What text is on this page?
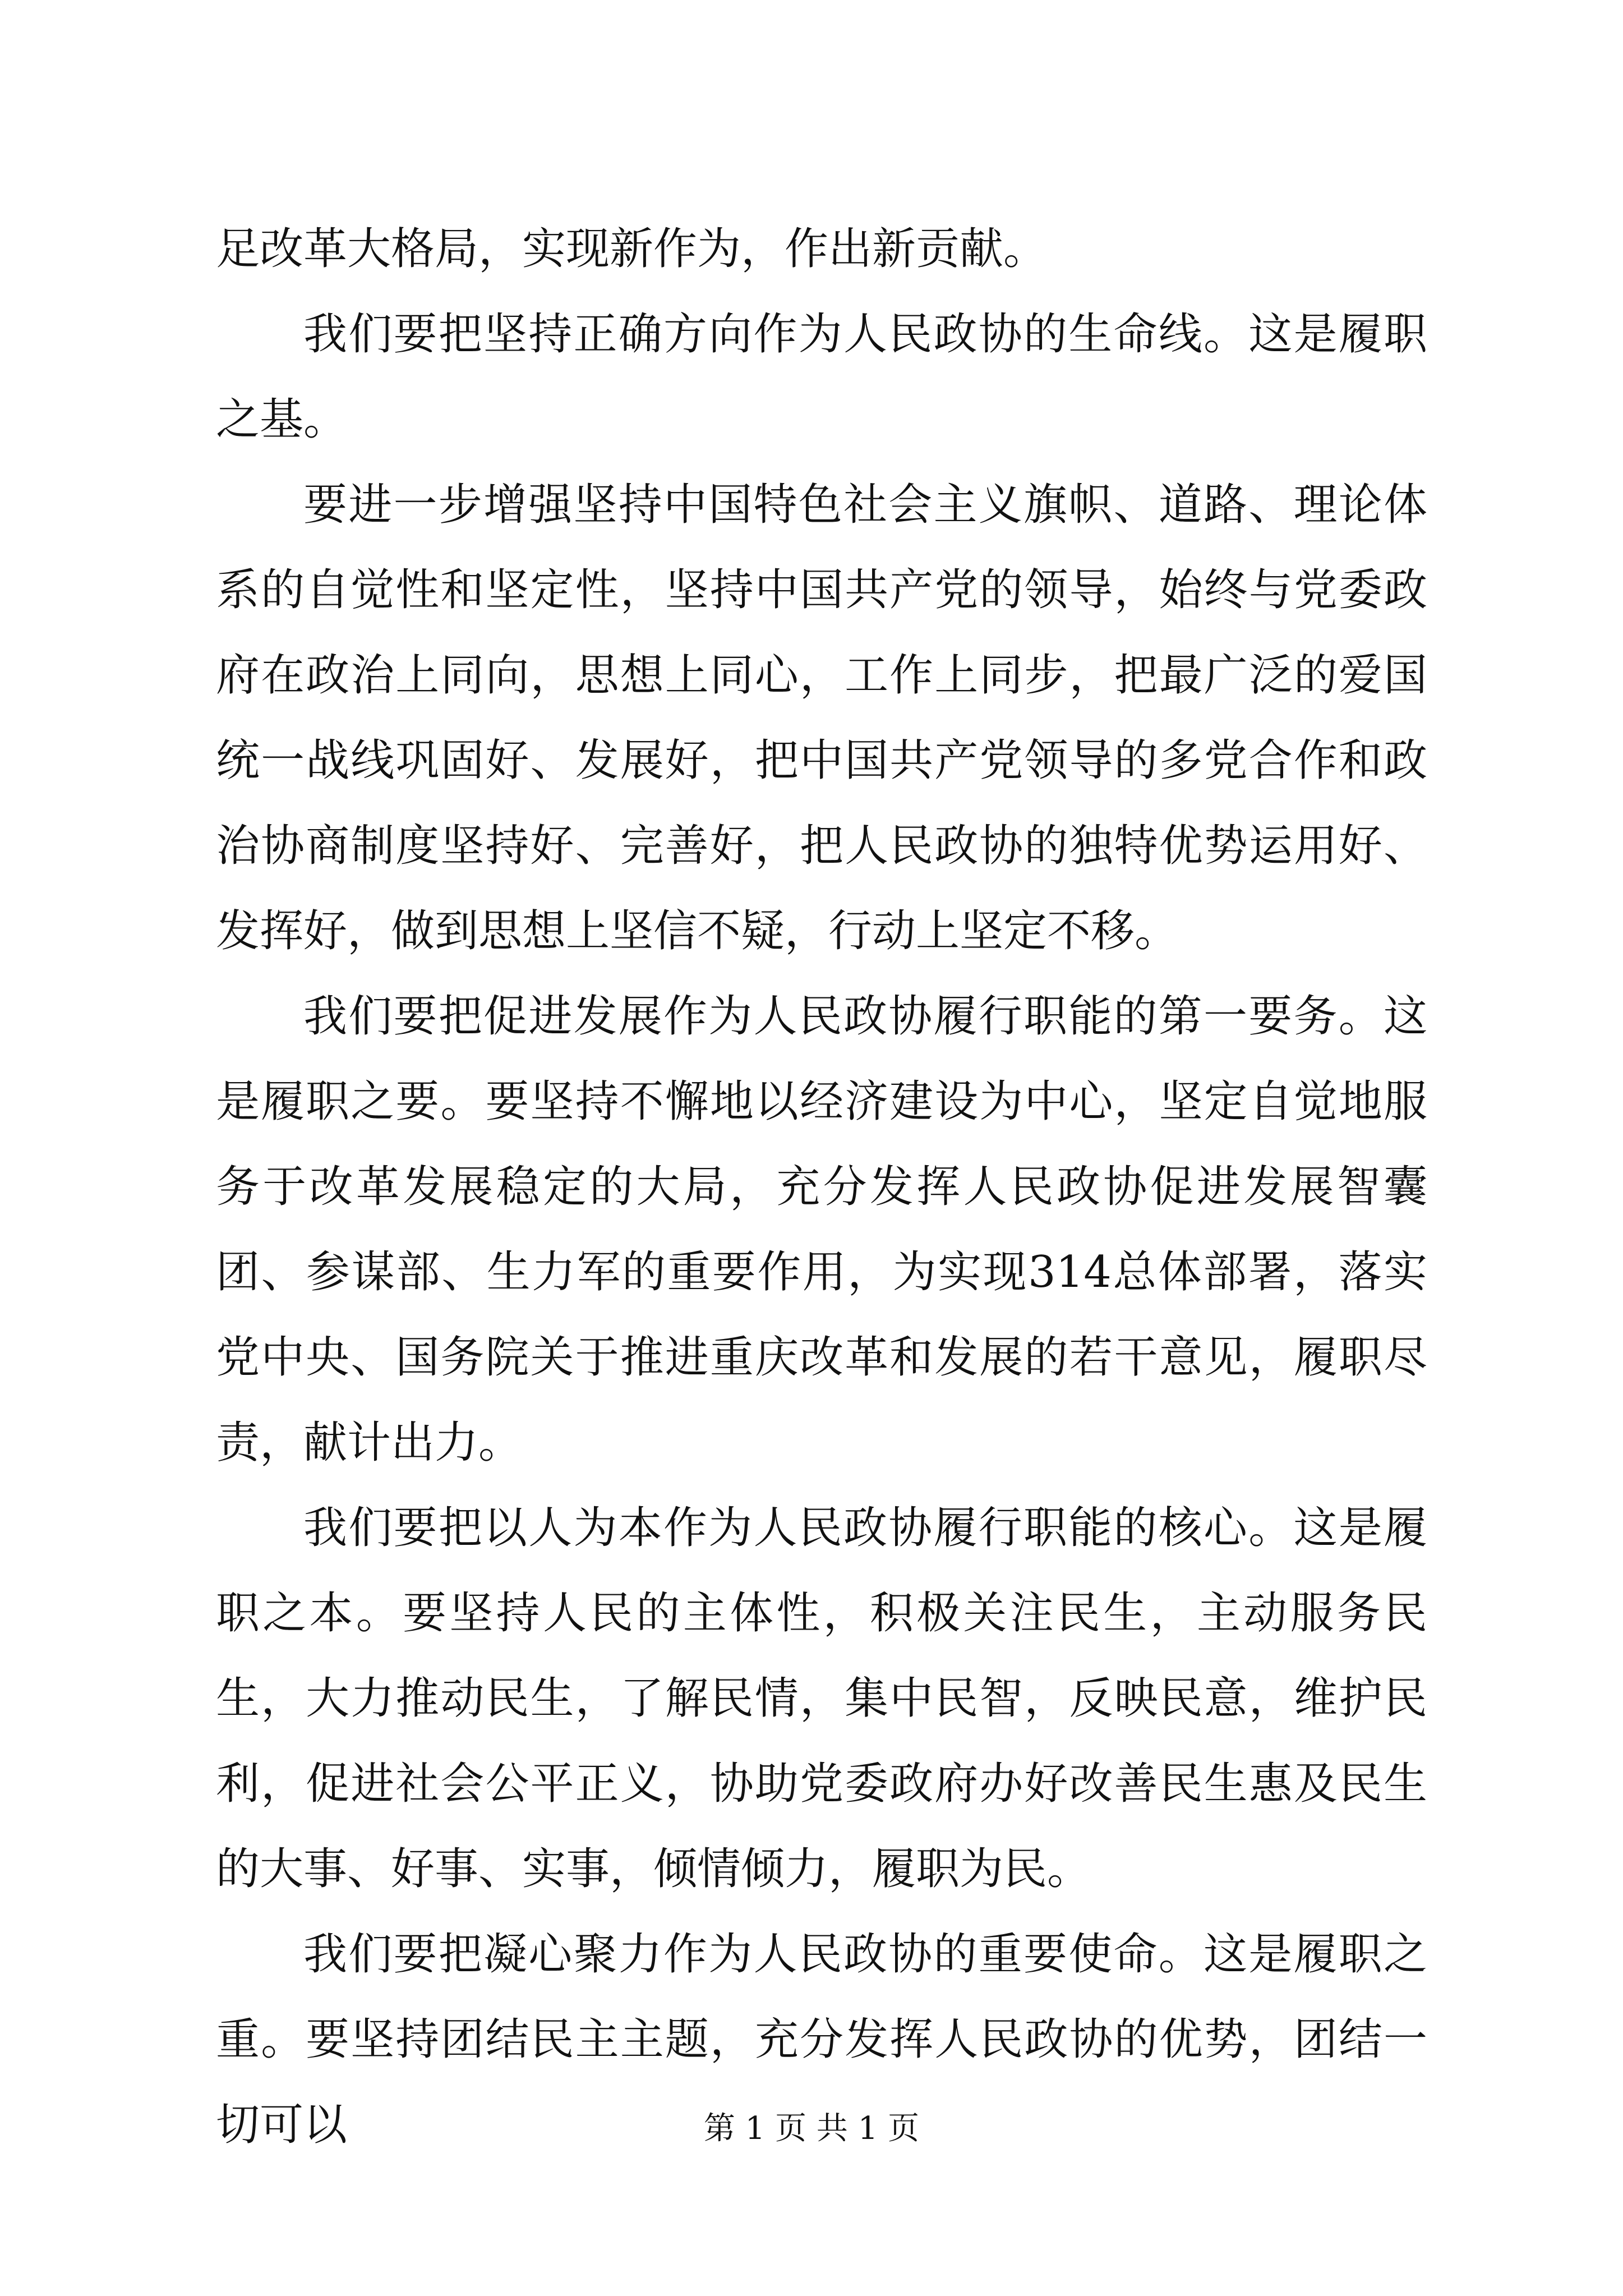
足改革大格局，实现新作为，作出新贡献。

我们要把坚持正确方向作为人民政协的生命线。这是履职之基。

要进一步增强坚持中国特色社会主义旗帜、道路、理论体系的自觉性和坚定性，坚持中国共产党的领导，始终与党委政府在政治上同向，思想上同心，工作上同步，把最广泛的爱国统一战线巩固好、发展好，把中国共产党领导的多党合作和政治协商制度坚持好、完善好，把人民政协的独特优势运用好、发挥好，做到思想上坚信不疑，行动上坚定不移。

我们要把促进发展作为人民政协履行职能的第一要务。这是履职之要。要坚持不懈地以经济建设为中心，坚定自觉地服务于改革发展稳定的大局，充分发挥人民政协促进发展智囊团、参谋部、生力军的重要作用，为实现314总体部署，落实党中央、国务院关于推进重庆改革和发展的若干意见，履职尽责，献计出力。

我们要把以人为本作为人民政协履行职能的核心。这是履职之本。要坚持人民的主体性，积极关注民生，主动服务民生，大力推动民生，了解民情，集中民智，反映民意，维护民利，促进社会公平正义，协助党委政府办好改善民生惠及民生的大事、好事、实事，倾情倾力，履职为民。

我们要把凝心聚力作为人民政协的重要使命。这是履职之重。要坚持团结民主主题，充分发挥人民政协的优势，团结一切可以	第 1 页 共 1 页
